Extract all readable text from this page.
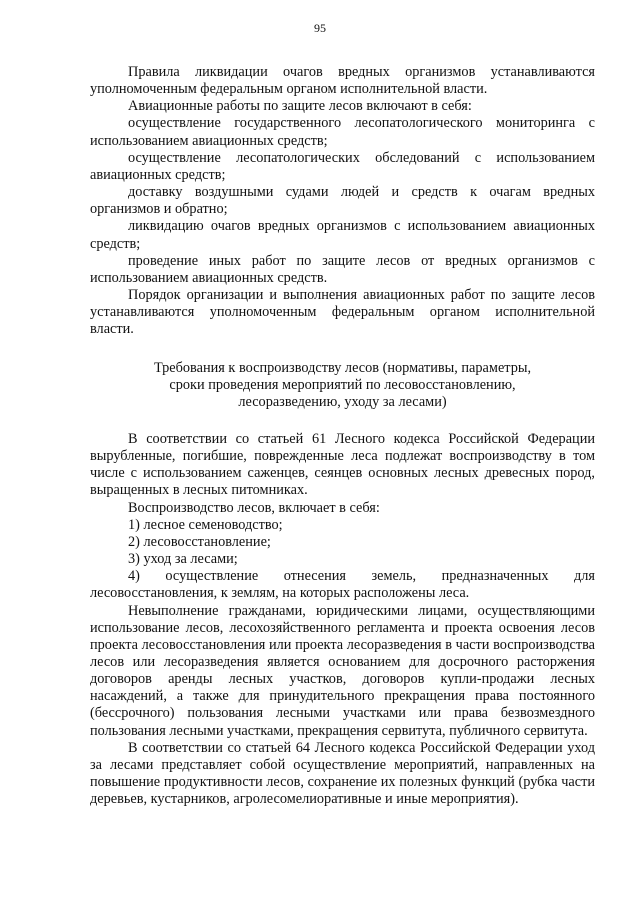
95

Правила ликвидации очагов вредных организмов устанавливаются уполномоченным федеральным органом исполнительной власти.

Авиационные работы по защите лесов включают в себя:

осуществление государственного лесопатологического мониторинга с использованием авиационных средств;

осуществление лесопатологических обследований с использованием авиационных средств;

доставку воздушными судами людей и средств к очагам вредных организмов и обратно;

ликвидацию очагов вредных организмов с использованием авиационных средств;

проведение иных работ по защите лесов от вредных организмов с использованием авиационных средств.

Порядок организации и выполнения авиационных работ по защите лесов устанавливаются уполномоченным федеральным органом исполнительной власти.

Требования к воспроизводству лесов (нормативы, параметры,
сроки проведения мероприятий по лесовосстановлению,
лесоразведению, уходу за лесами)

В соответствии со статьей 61 Лесного кодекса Российской Федерации вырубленные, погибшие, поврежденные леса подлежат воспроизводству в том числе с использованием саженцев, сеянцев основных лесных древесных пород, выращенных в лесных питомниках.

Воспроизводство лесов, включает в себя:

1) лесное семеноводство;

2) лесовосстановление;

3) уход за лесами;

4) осуществление отнесения земель, предназначенных для лесовосстановления, к землям, на которых расположены леса.

Невыполнение гражданами, юридическими лицами, осуществляющими использование лесов, лесохозяйственного регламента и проекта освоения лесов проекта лесовосстановления или проекта лесоразведения в части воспроизводства лесов или лесоразведения является основанием для досрочного расторжения договоров аренды лесных участков, договоров купли-продажи лесных насаждений, а также для принудительного прекращения права постоянного (бессрочного) пользования лесными участками или права безвозмездного пользования лесными участками, прекращения сервитута, публичного сервитута.

В соответствии со статьей 64 Лесного кодекса Российской Федерации уход за лесами представляет собой осуществление мероприятий, направленных на повышение продуктивности лесов, сохранение их полезных функций (рубка части деревьев, кустарников, агролесомелиоративные и иные мероприятия).
